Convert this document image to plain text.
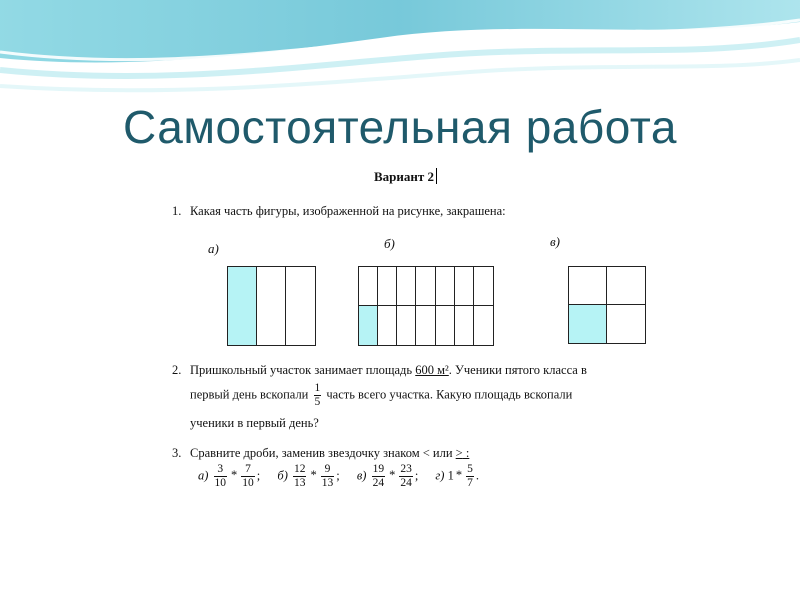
Самостоятельная работа
Вариант 2
1. Какая часть фигуры, изображенной на рисунке, закрашена:
а)	б)	в)
2. Пришкольный участок занимает площадь 600 м². Ученики пятого класса в
первый день вскопали $\frac{1}{5}$ часть всего участка. Какую площадь вскопали
ученики в первый день?
3. Сравните дроби, заменив звездочку знаком < или > :
$а) \frac{3}{10} * \frac{7}{10}$ ; $б) \frac{12}{13} * \frac{9}{13}$ ; $в) \frac{19}{24} * \frac{23}{24}$ ; г) $1 * \frac{5}{7}$ .
